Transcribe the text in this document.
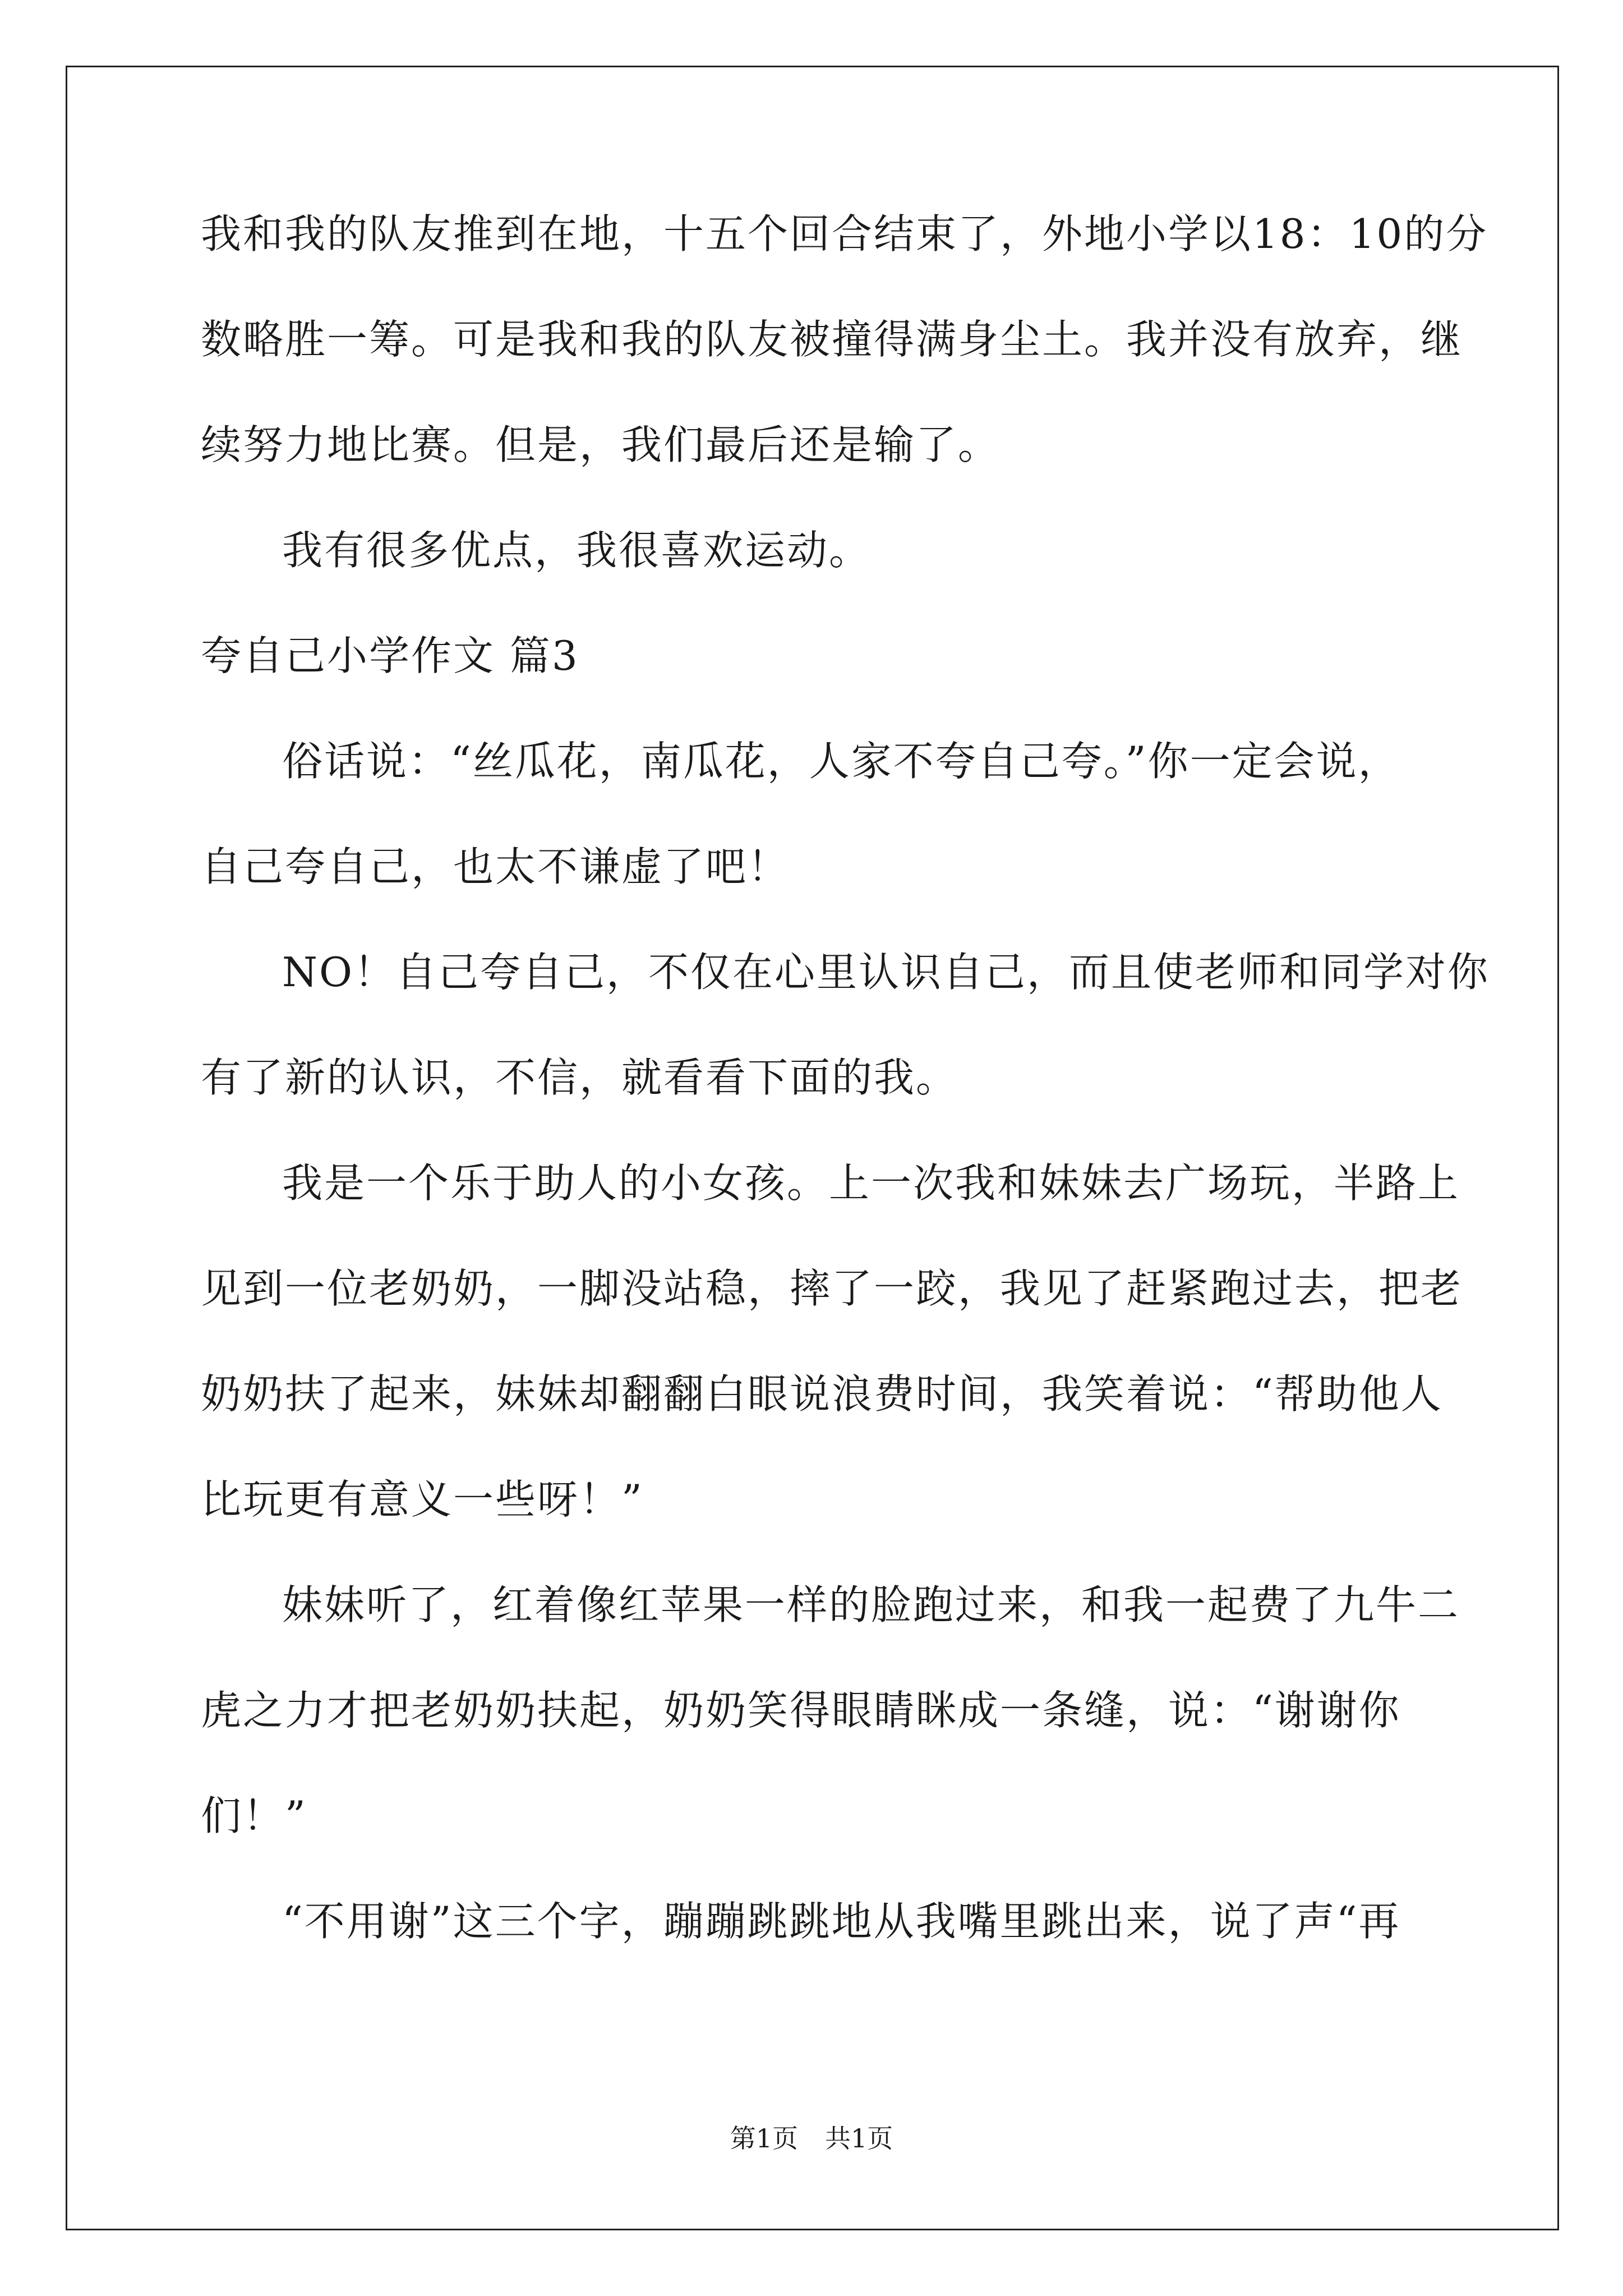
我和我的队友推到在地，十五个回合结束了，外地小学以18：10的分
数略胜一筹。可是我和我的队友被撞得满身尘土。我并没有放弃，继
续努力地比赛。但是，我们最后还是输了。
我有很多优点，我很喜欢运动。
夸自己小学作文 篇3
俗话说：“丝瓜花，南瓜花，人家不夸自己夸。”你一定会说，
自己夸自己，也太不谦虚了吧！
NO！自己夸自己，不仅在心里认识自己，而且使老师和同学对你
有了新的认识，不信，就看看下面的我。
我是一个乐于助人的小女孩。上一次我和妹妹去广场玩，半路上
见到一位老奶奶，一脚没站稳，摔了一跤，我见了赶紧跑过去，把老
奶奶扶了起来，妹妹却翻翻白眼说浪费时间，我笑着说：“帮助他人
比玩更有意义一些呀！”
妹妹听了，红着像红苹果一样的脸跑过来，和我一起费了九牛二
虎之力才把老奶奶扶起，奶奶笑得眼睛眯成一条缝，说：“谢谢你
们！”
“不用谢”这三个字，蹦蹦跳跳地从我嘴里跳出来，说了声“再
第1页 共1页
